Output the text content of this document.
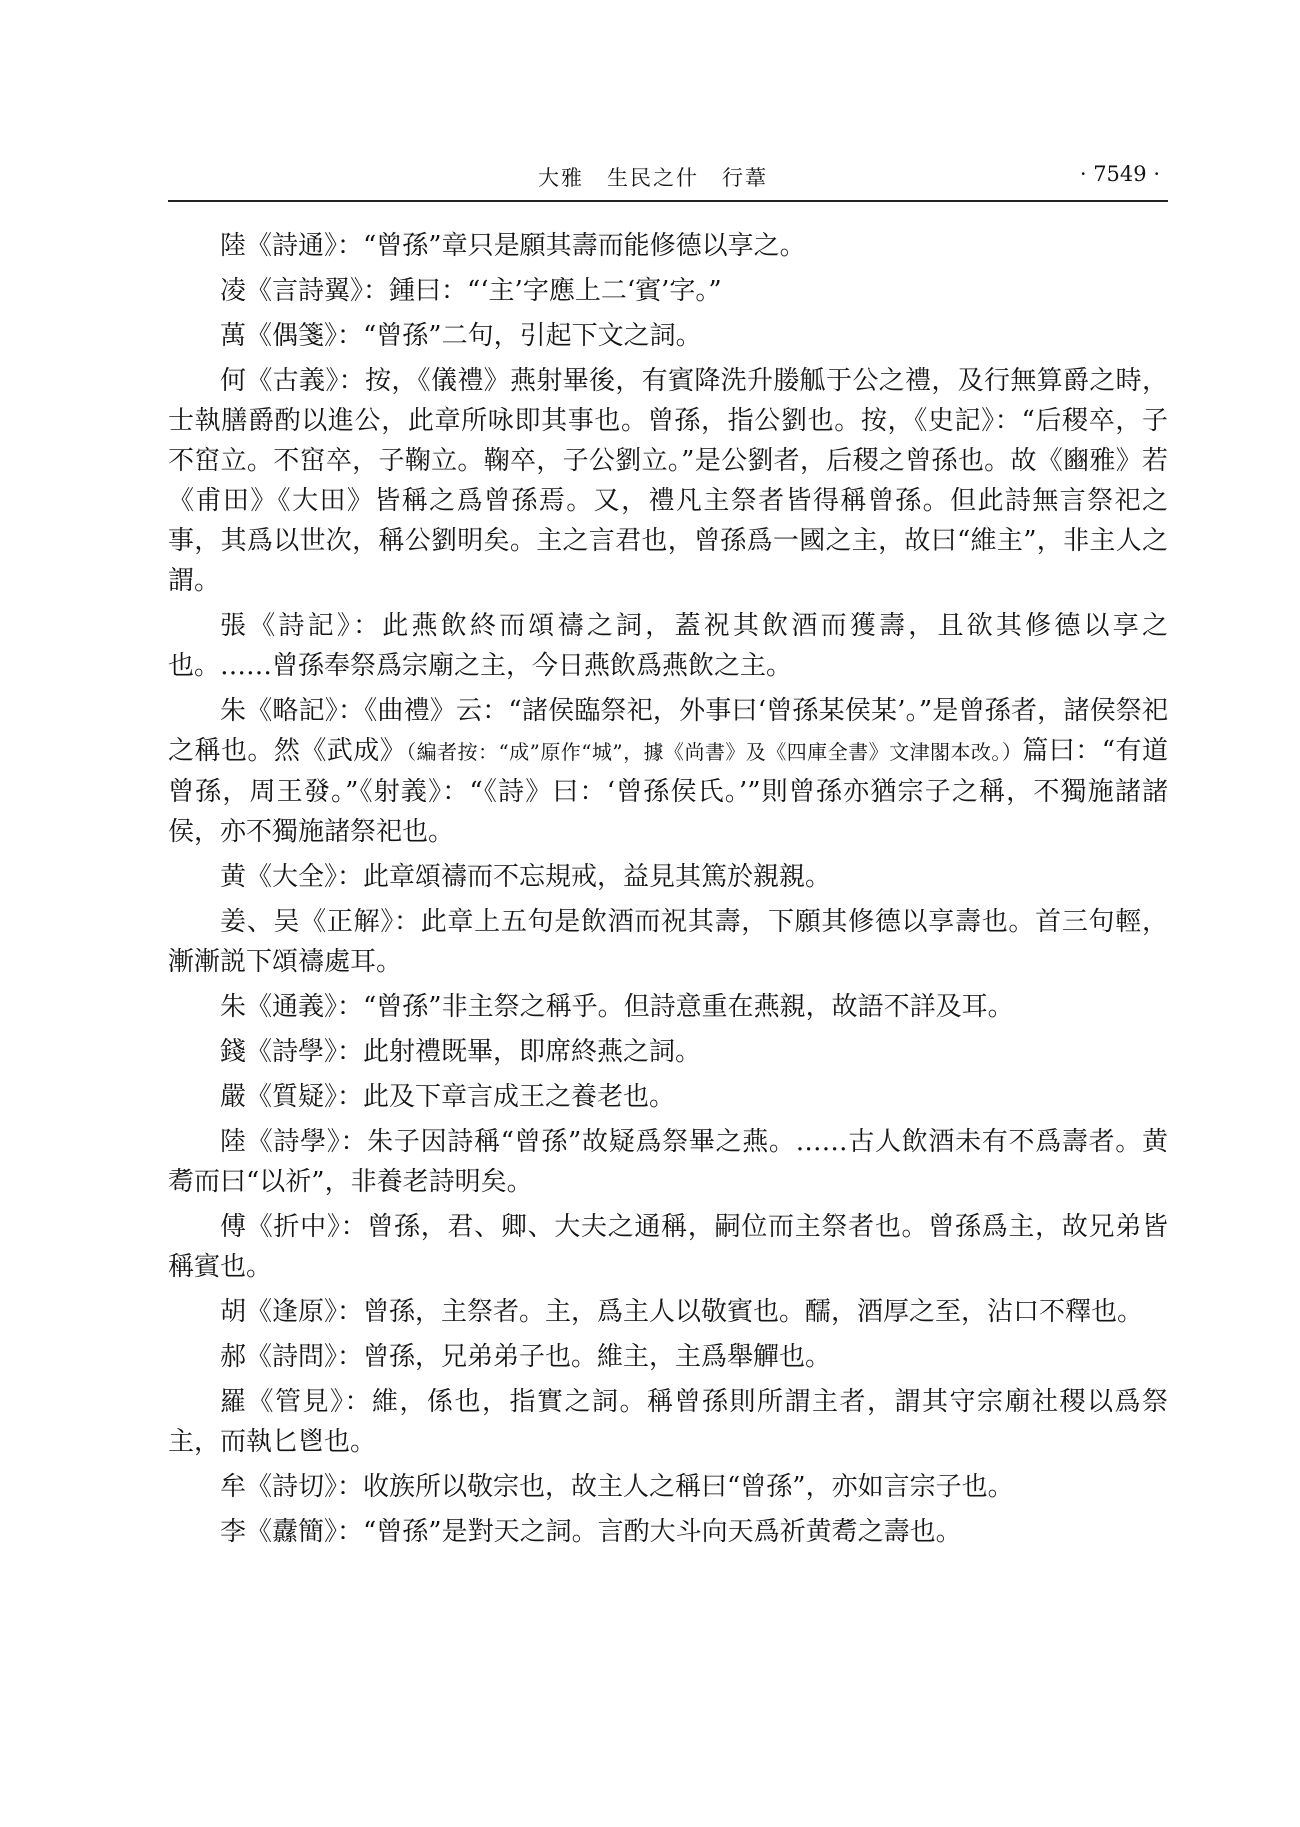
大雅　生民之什　行葦	· 7549 ·

陸《詩通》：“曾孫”章只是願其壽而能修德以享之。

凌《言詩翼》：鍾曰：“‘主’字應上二‘賓’字。”

萬《偶箋》：“曾孫”二句，引起下文之詞。

何《古義》：按，《儀禮》燕射畢後，有賓降洗升媵觚于公之禮，及行無算爵之時，士執膳爵酌以進公，此章所咏即其事也。曾孫，指公劉也。按，《史記》：“后稷卒，子不窋立。不窋卒，子鞠立。鞠卒，子公劉立。”是公劉者，后稷之曾孫也。故《豳雅》若《甫田》《大田》皆稱之爲曾孫焉。又，禮凡主祭者皆得稱曾孫。但此詩無言祭祀之事，其爲以世次，稱公劉明矣。主之言君也，曾孫爲一國之主，故曰“維主”，非主人之謂。

張《詩記》：此燕飲終而頌禱之詞，蓋祝其飲酒而獲壽，且欲其修德以享之也。……曾孫奉祭爲宗廟之主，今日燕飲爲燕飲之主。

朱《略記》：《曲禮》云：“諸侯臨祭祀，外事曰‘曾孫某侯某’。”是曾孫者，諸侯祭祀之稱也。然《武成》（編者按：“成”原作“城”，據《尚書》及《四庫全書》文津閣本改。）篇曰：“有道曾孫，周王發。”《射義》：“《詩》曰：‘曾孫侯氏。’”則曾孫亦猶宗子之稱，不獨施諸諸侯，亦不獨施諸祭祀也。

黄《大全》：此章頌禱而不忘規戒，益見其篤於親親。

姜、吴《正解》：此章上五句是飲酒而祝其壽，下願其修德以享壽也。首三句輕，漸漸説下頌禱處耳。

朱《通義》：“曾孫”非主祭之稱乎。但詩意重在燕親，故語不詳及耳。

錢《詩學》：此射禮既畢，即席終燕之詞。

嚴《質疑》：此及下章言成王之養老也。

陸《詩學》：朱子因詩稱“曾孫”故疑爲祭畢之燕。……古人飲酒未有不爲壽者。黄耈而曰“以祈”，非養老詩明矣。

傅《折中》：曾孫，君、卿、大夫之通稱，嗣位而主祭者也。曾孫爲主，故兄弟皆稱賓也。

胡《逢原》：曾孫，主祭者。主，爲主人以敬賓也。醹，酒厚之至，沾口不釋也。

郝《詩問》：曾孫，兄弟弟子也。維主，主爲舉觶也。

羅《管見》：維，係也，指實之詞。稱曾孫則所謂主者，謂其守宗廟社稷以爲祭主，而執匕鬯也。

牟《詩切》：收族所以敬宗也，故主人之稱曰“曾孫”，亦如言宗子也。

李《纛簡》：“曾孫”是對天之詞。言酌大斗向天爲祈黄耈之壽也。
